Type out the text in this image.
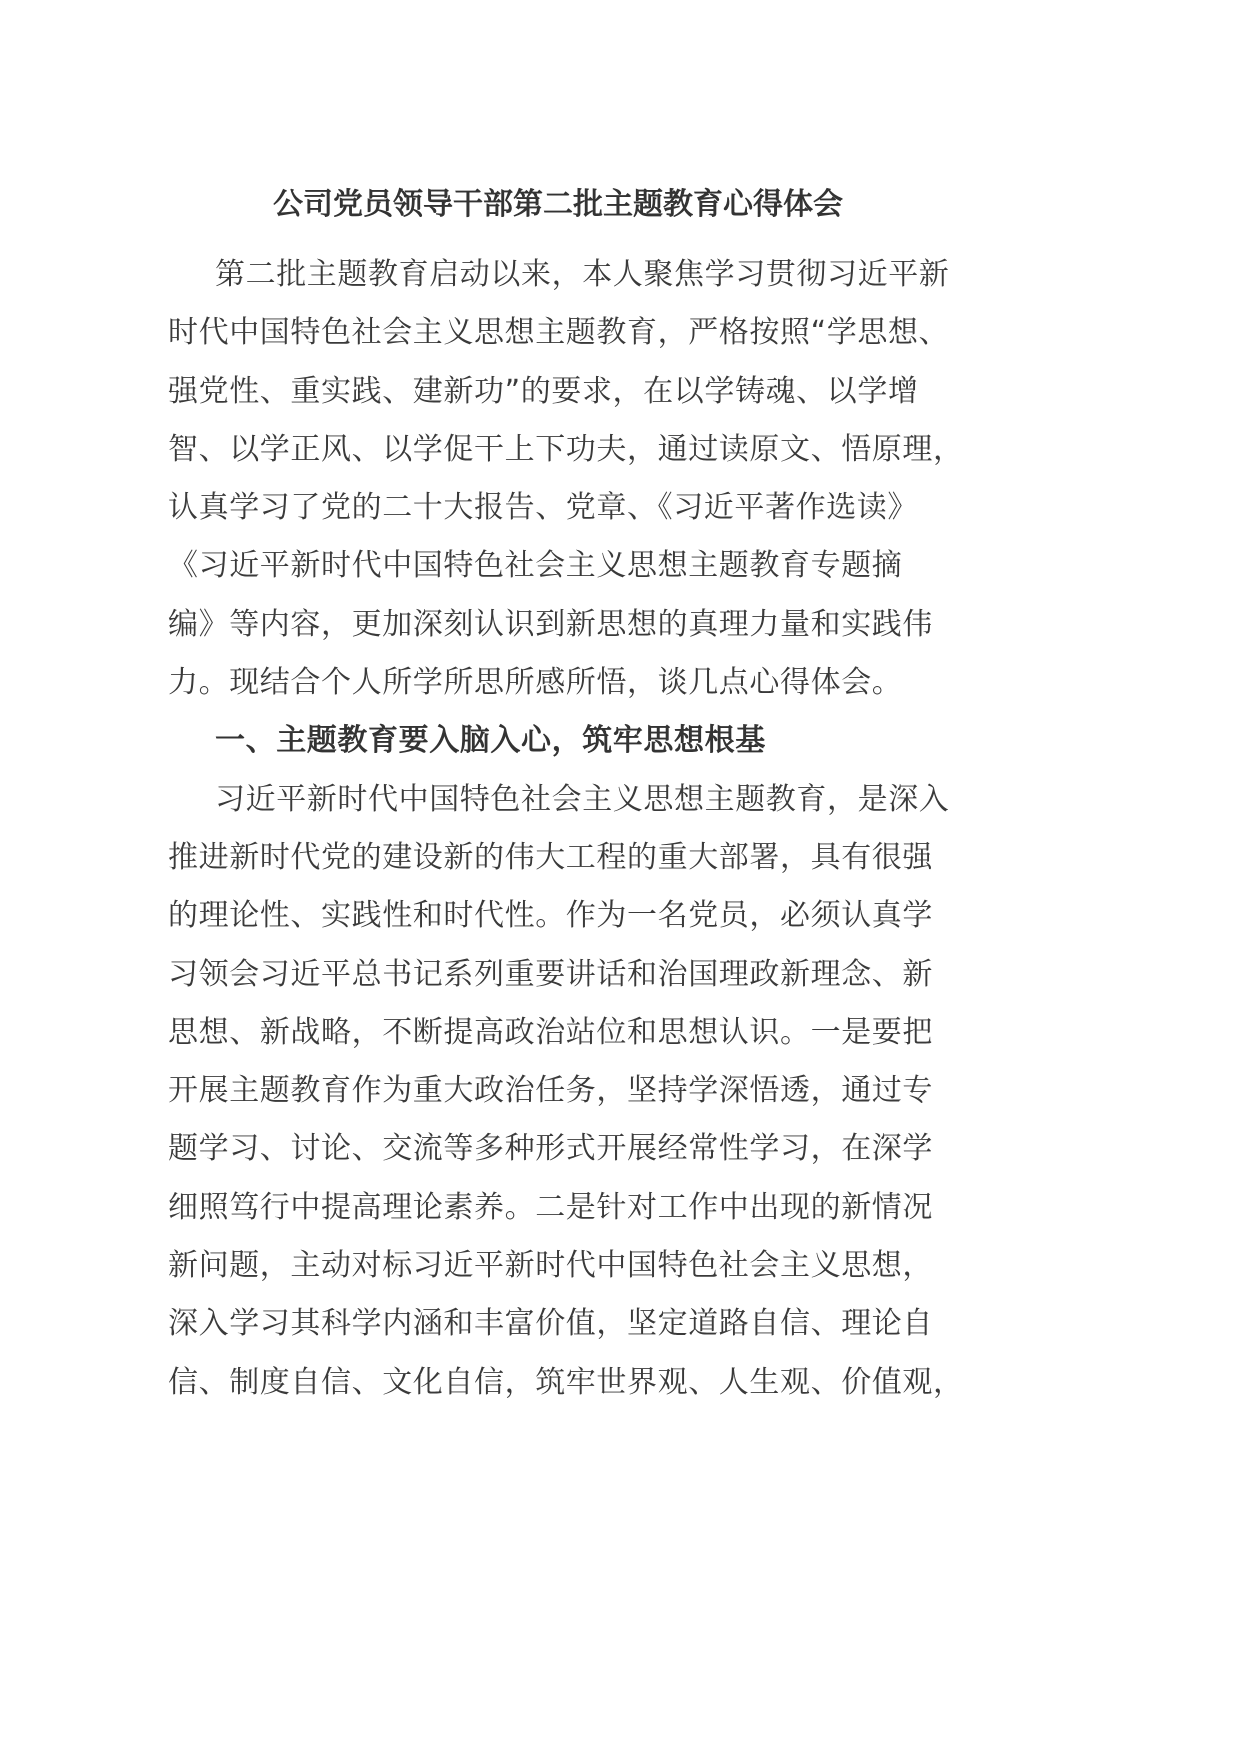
公司党员领导干部第二批主题教育心得体会
第二批主题教育启动以来，本人聚焦学习贯彻习近平新
时代中国特色社会主义思想主题教育，严格按照“学思想、
强党性、重实践、建新功”的要求，在以学铸魂、以学增
智、以学正风、以学促干上下功夫，通过读原文、悟原理，
认真学习了党的二十大报告、党章、《习近平著作选读》
《习近平新时代中国特色社会主义思想主题教育专题摘
编》等内容，更加深刻认识到新思想的真理力量和实践伟
力。现结合个人所学所思所感所悟，谈几点心得体会。
一、主题教育要入脑入心，筑牢思想根基
习近平新时代中国特色社会主义思想主题教育，是深入
推进新时代党的建设新的伟大工程的重大部署，具有很强
的理论性、实践性和时代性。作为一名党员，必须认真学
习领会习近平总书记系列重要讲话和治国理政新理念、新
思想、新战略，不断提高政治站位和思想认识。一是要把
开展主题教育作为重大政治任务，坚持学深悟透，通过专
题学习、讨论、交流等多种形式开展经常性学习，在深学
细照笃行中提高理论素养。二是针对工作中出现的新情况
新问题，主动对标习近平新时代中国特色社会主义思想，
深入学习其科学内涵和丰富价值，坚定道路自信、理论自
信、制度自信、文化自信，筑牢世界观、人生观、价值观，
